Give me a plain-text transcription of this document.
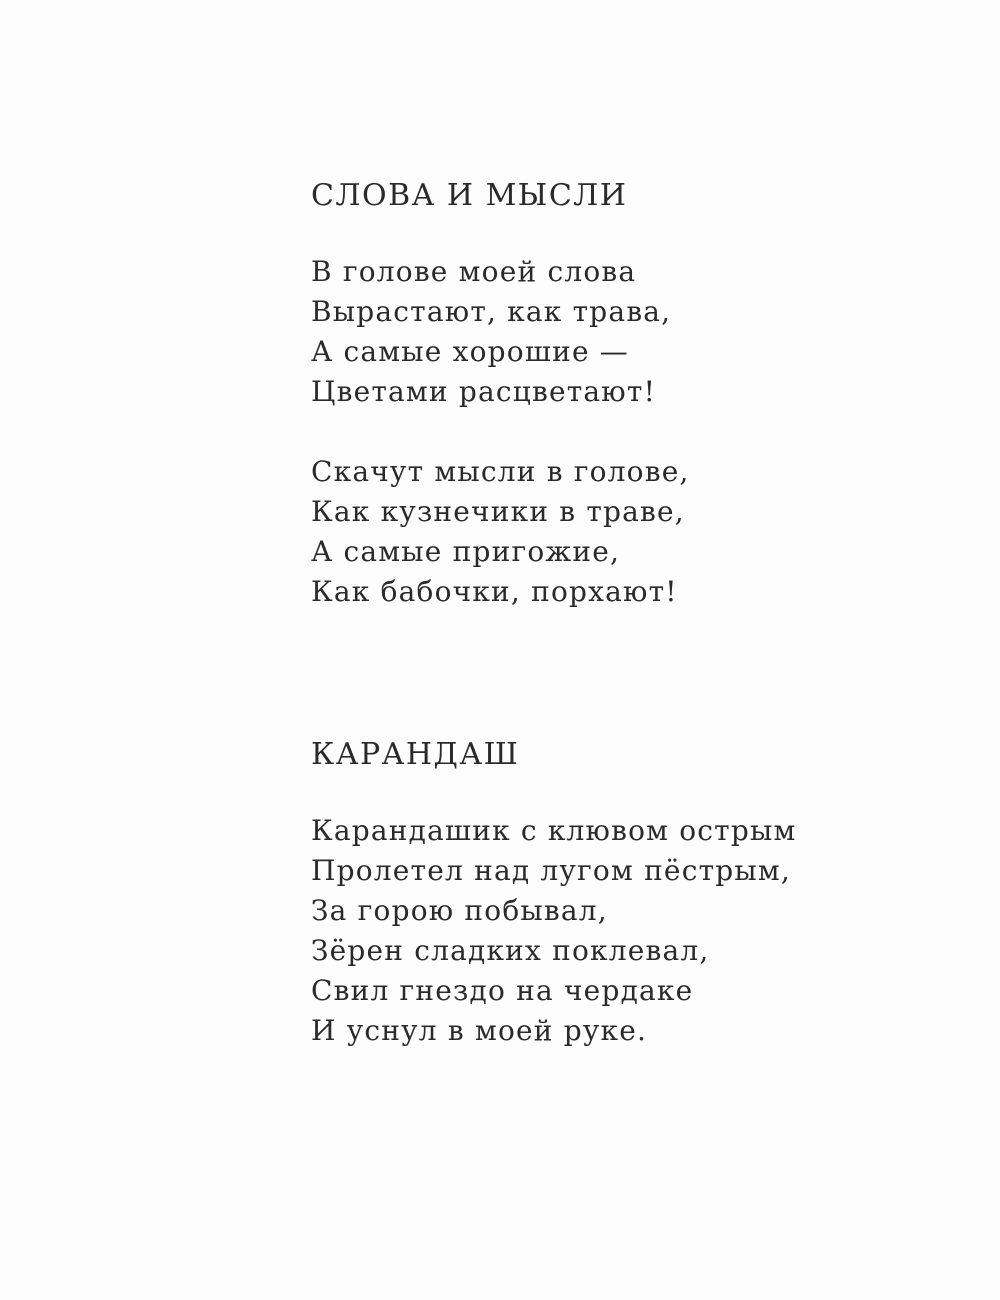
СЛОВА И МЫСЛИ
В голове моей слова
Вырастают, как трава,
А самые хорошие —
Цветами расцветают!
Скачут мысли в голове,
Как кузнечики в траве,
А самые пригожие,
Как бабочки, порхают!
КАРАНДАШ
Карандашик с клювом острым
Пролетел над лугом пёстрым,
За горою побывал,
Зёрен сладких поклевал,
Свил гнездо на чердаке
И уснул в моей руке.
